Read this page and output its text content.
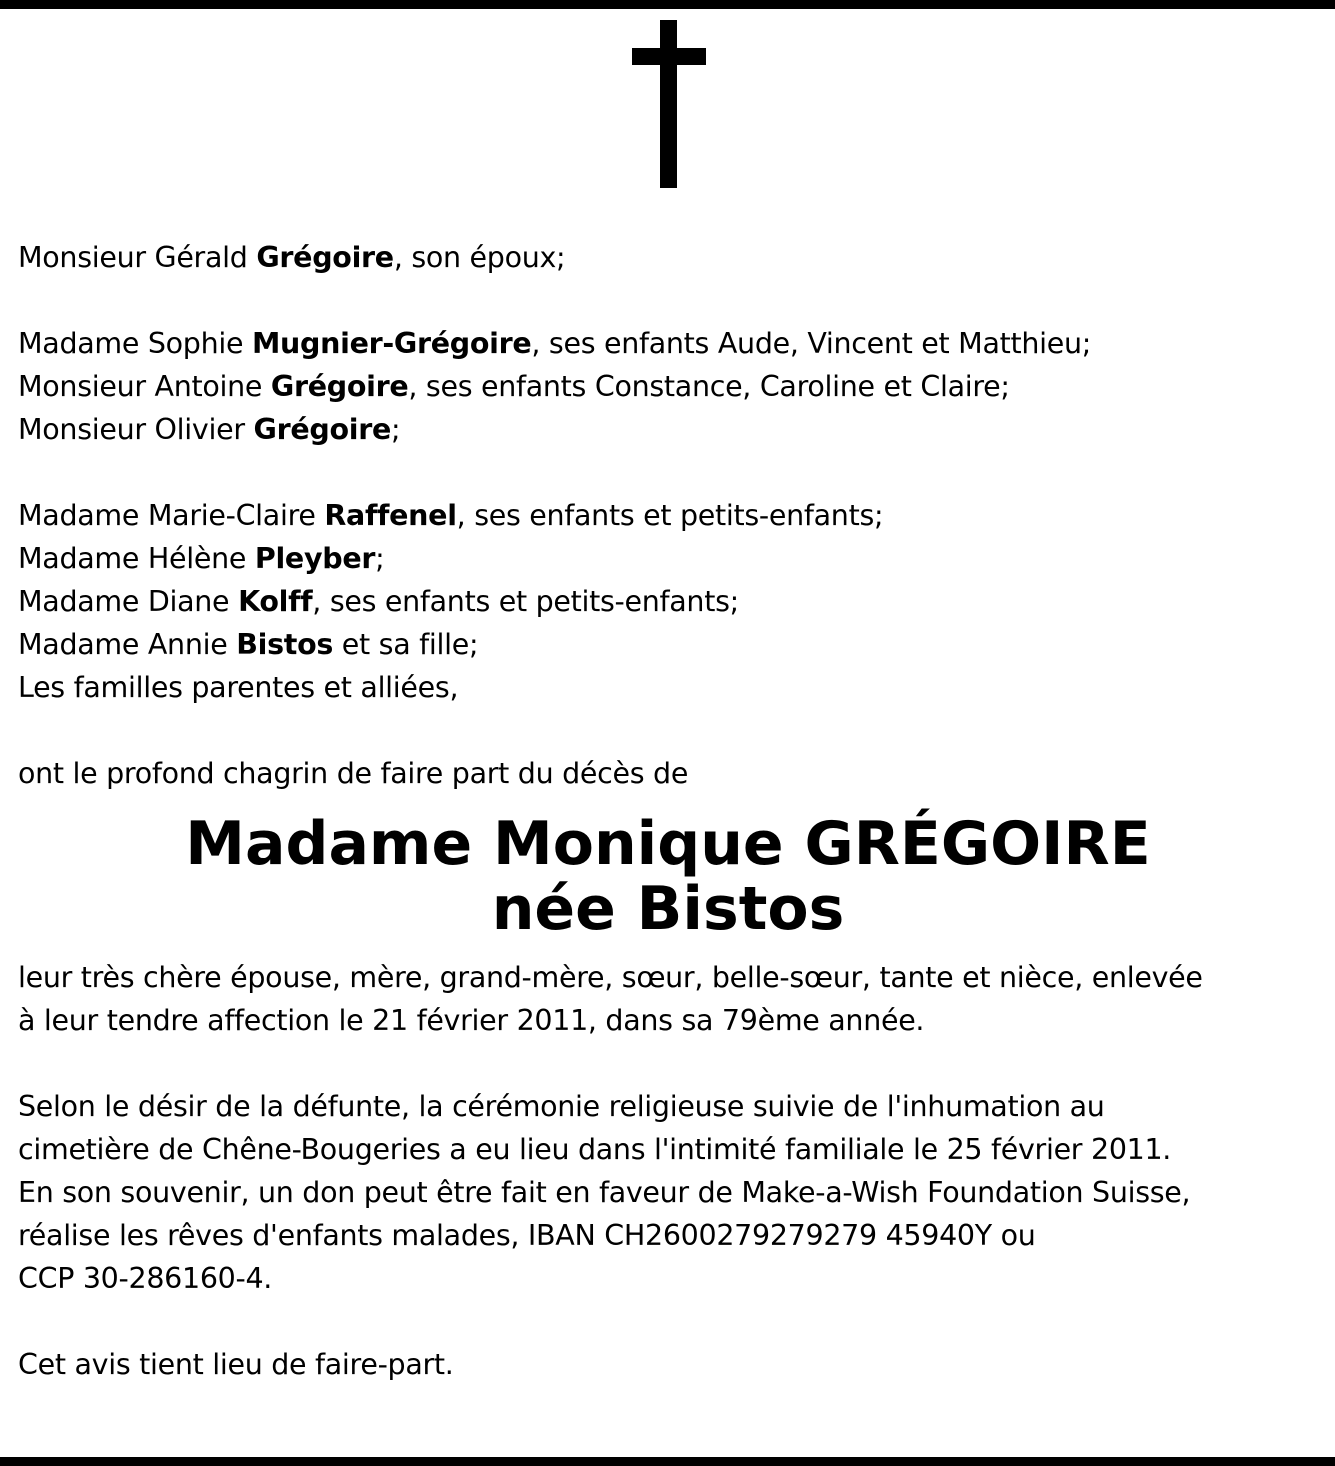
Monsieur Gérald Grégoire, son époux;
Madame Sophie Mugnier-Grégoire, ses enfants Aude, Vincent et Matthieu;
Monsieur Antoine Grégoire, ses enfants Constance, Caroline et Claire;
Monsieur Olivier Grégoire;
Madame Marie-Claire Raffenel, ses enfants et petits-enfants;
Madame Hélène Pleyber;
Madame Diane Kolff, ses enfants et petits-enfants;
Madame Annie Bistos et sa fille;
Les familles parentes et alliées,
ont le profond chagrin de faire part du décès de
Madame Monique GRÉGOIRE
née Bistos
leur très chère épouse, mère, grand-mère, sœur, belle-sœur, tante et nièce, enlevée
à leur tendre affection le 21 février 2011, dans sa 79ème année.
Selon le désir de la défunte, la cérémonie religieuse suivie de l'inhumation au
cimetière de Chêne-Bougeries a eu lieu dans l'intimité familiale le 25 février 2011.
En son souvenir, un don peut être fait en faveur de Make-a-Wish Foundation Suisse,
réalise les rêves d'enfants malades, IBAN CH2600279279279 45940Y ou
CCP 30-286160-4.
Cet avis tient lieu de faire-part.
